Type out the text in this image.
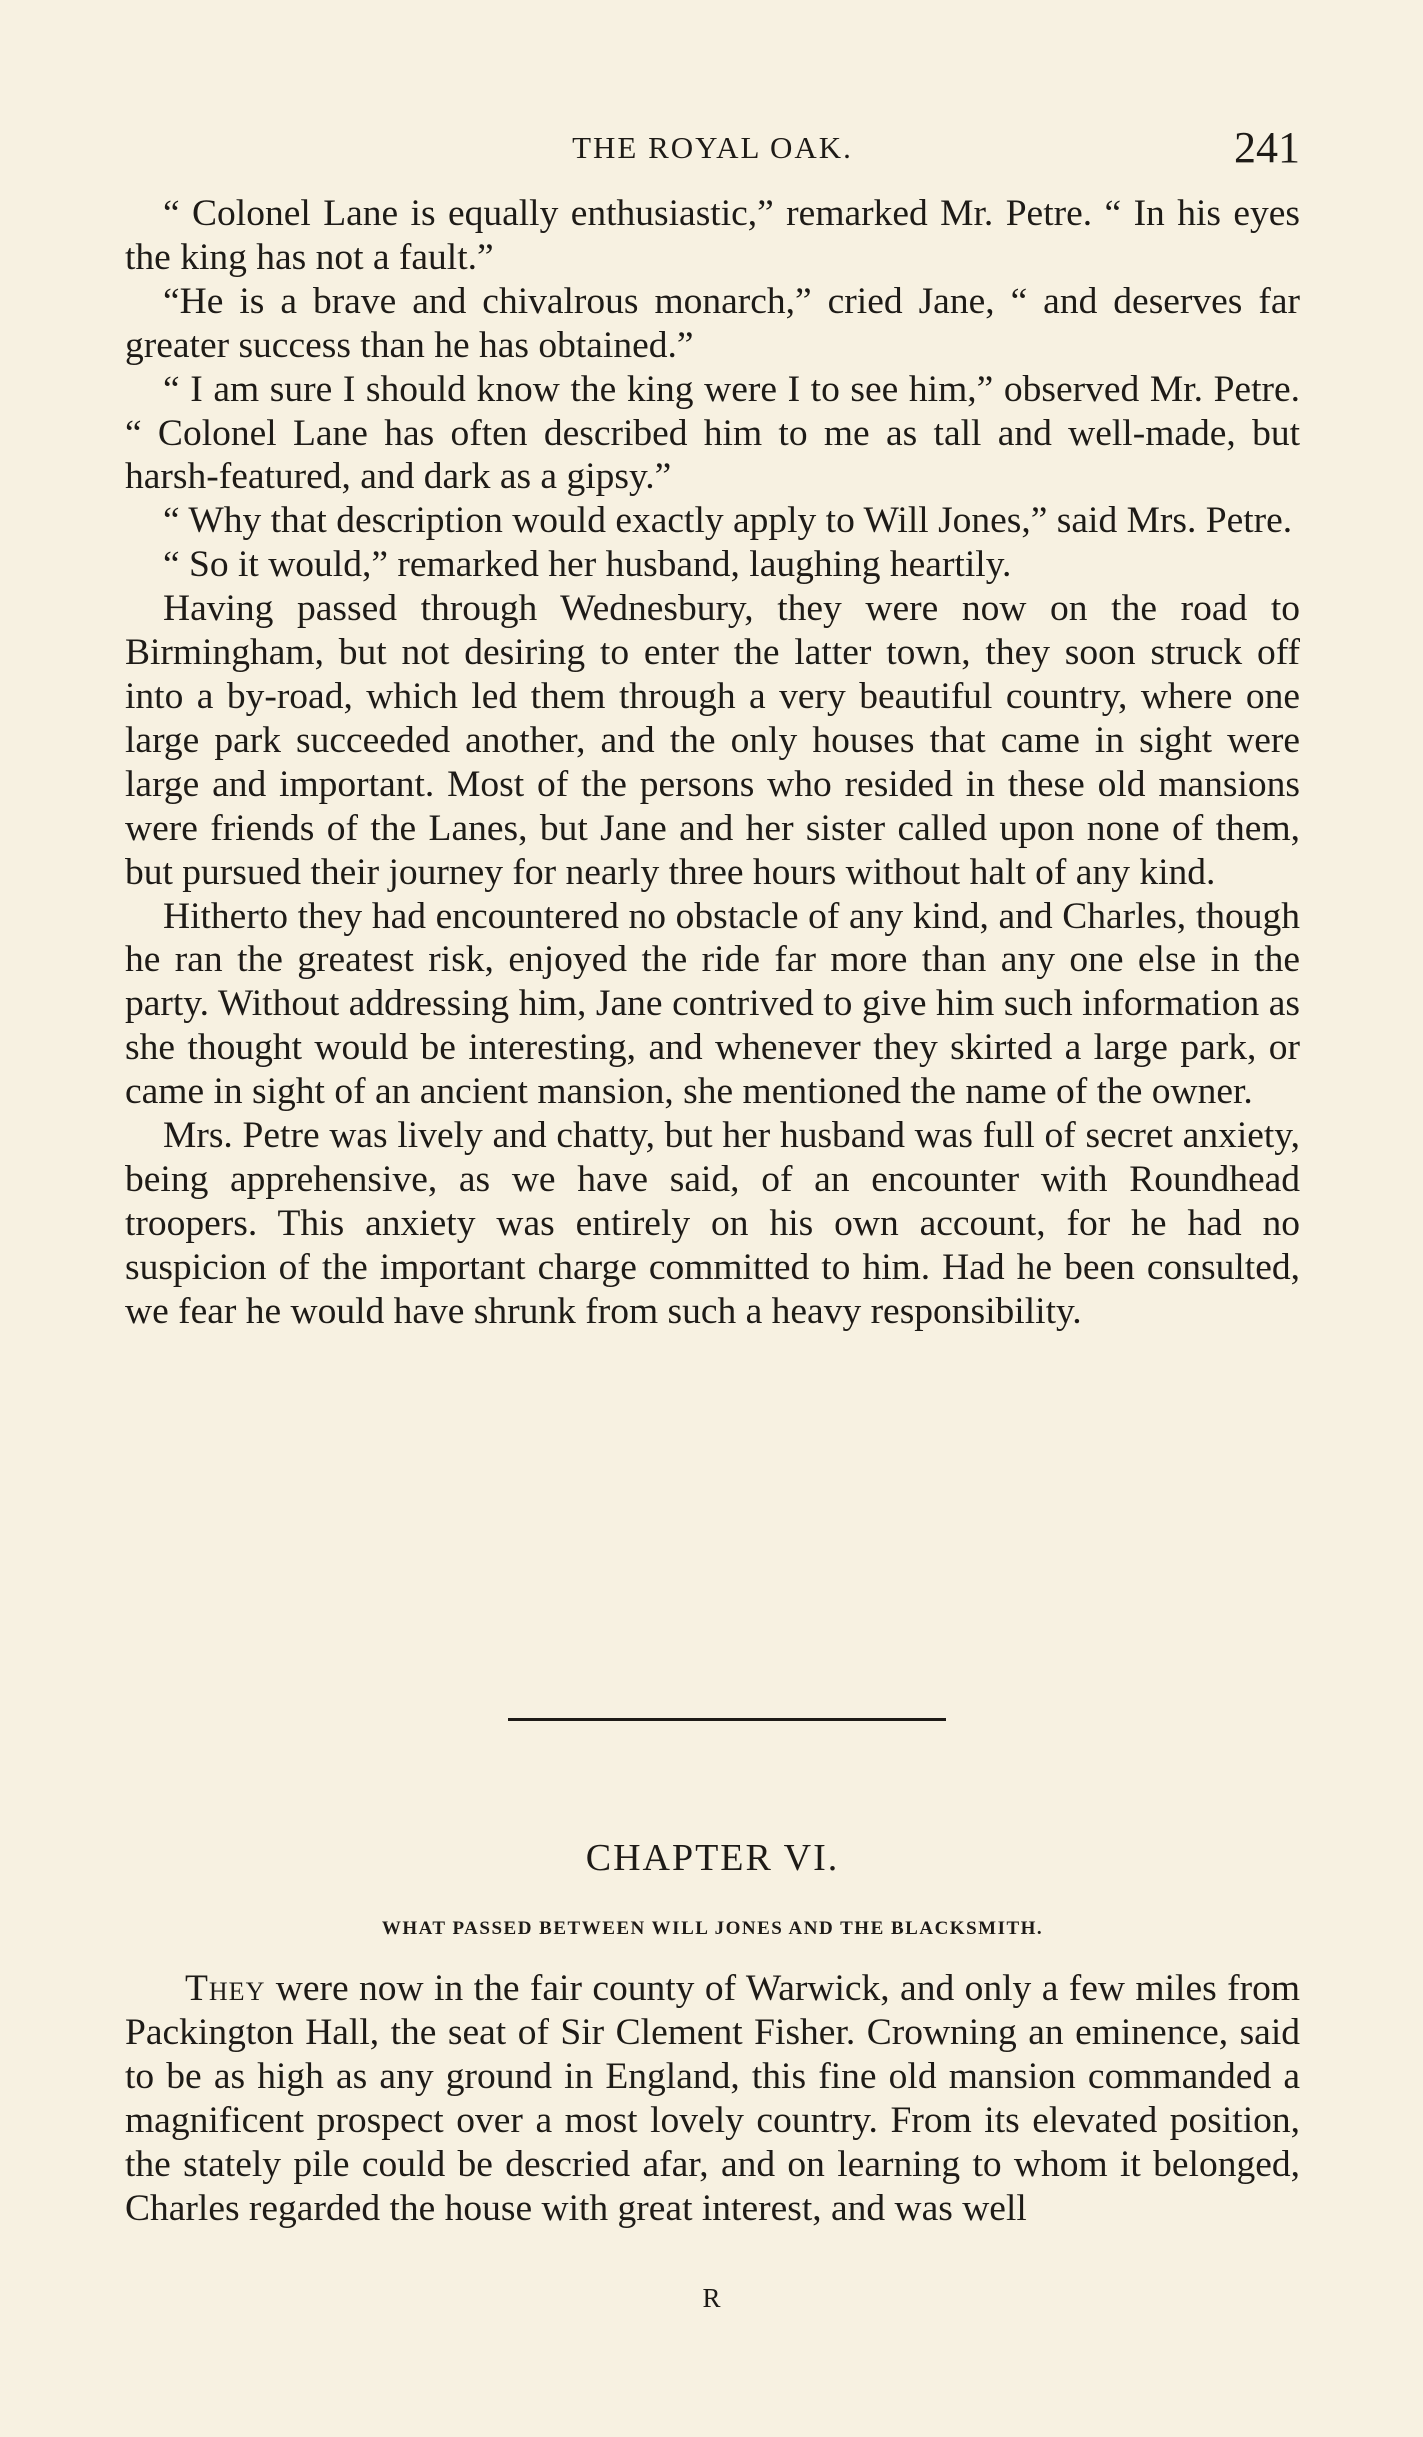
THE ROYAL OAK.	241

“ Colonel Lane is equally enthusiastic,” remarked Mr. Petre. “ In his eyes the king has not a fault.”

“He is a brave and chivalrous monarch,” cried Jane, “ and deserves far greater success than he has obtained.”

“ I am sure I should know the king were I to see him,” observed Mr. Petre. “ Colonel Lane has often described him to me as tall and well-made, but harsh-featured, and dark as a gipsy.”

“ Why that description would exactly apply to Will Jones,” said Mrs. Petre.

“ So it would,” remarked her husband, laughing heartily.

Having passed through Wednesbury, they were now on the road to Birmingham, but not desiring to enter the latter town, they soon struck off into a by-road, which led them through a very beautiful country, where one large park succeeded another, and the only houses that came in sight were large and important. Most of the persons who resided in these old mansions were friends of the Lanes, but Jane and her sister called upon none of them, but pursued their journey for nearly three hours without halt of any kind.

Hitherto they had encountered no obstacle of any kind, and Charles, though he ran the greatest risk, enjoyed the ride far more than any one else in the party. Without addressing him, Jane contrived to give him such information as she thought would be interesting, and whenever they skirted a large park, or came in sight of an ancient mansion, she mentioned the name of the owner.

Mrs. Petre was lively and chatty, but her husband was full of secret anxiety, being apprehensive, as we have said, of an encounter with Roundhead troopers. This anxiety was entirely on his own account, for he had no suspicion of the important charge committed to him. Had he been consulted, we fear he would have shrunk from such a heavy responsibility.

CHAPTER VI.
WHAT PASSED BETWEEN WILL JONES AND THE BLACKSMITH.

They were now in the fair county of Warwick, and only a few miles from Packington Hall, the seat of Sir Clement Fisher. Crowning an eminence, said to be as high as any ground in England, this fine old mansion commanded a magnificent prospect over a most lovely country. From its elevated position, the stately pile could be descried afar, and on learning to whom it belonged, Charles regarded the house with great interest, and was well

R
